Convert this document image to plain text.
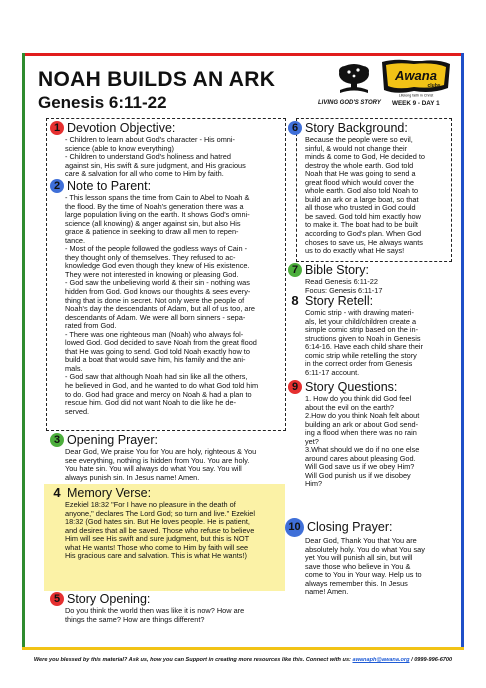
NOAH BUILDS AN ARK
Genesis 6:11-22	LIVING GOD'S STORY
Awana
clubs
Lifelong faith in Christ
WEEK 9 - DAY 1
1 Devotion Objective:

- Children to learn about God's character - His omni-

science (able to know everything)

- Children to understand God's holiness and hatred

against sin, His swift & sure judgment, and His gracious

care & salvation for all who come to Him by faith.

2 Note to Parent:

- This lesson spans the time from Cain to Abel to Noah &

the flood. By the time of Noah's generation there was a

large population living on the earth. It shows God's omni-

science (all knowing) & anger against sin, but also His

grace & patience in seeking to draw all men to repen-

tance.

- Most of the people followed the godless ways of Cain -

they thought only of themselves. They refused to ac-

knowledge God even though they knew of His existence.

They were not interested in knowing or pleasing God.

- God saw the unbelieving world & their sin - nothing was

hidden from God. God knows our thoughts & sees every-

thing that is done in secret. Not only were the people of

Noah's day the descendants of Adam, but all of us too, are

descendants of Adam. We were all born sinners - sepa-

rated from God.

- There was one righteous man (Noah) who always fol-

lowed God. God decided to save Noah from the great flood

that He was going to send. God told Noah exactly how to

build a boat that would save him, his family and the ani-

mals.

- God saw that although Noah had sin like all the others,

he believed in God, and he wanted to do what God told him

to do. God had grace and mercy on Noah & had a plan to

rescue him. God did not want Noah to die like he de-

served.

3 Opening Prayer:

Dear God, We praise You for You are holy, righteous & You

see everything, nothing is hidden from You. You are holy.

You hate sin. You will always do what You say. You will

always punish sin. In Jesus name! Amen.

4 Memory Verse:

Ezekiel 18:32 "For I have no pleasure in the death of

anyone," declares The Lord God; so turn and live." Ezekiel

18:32 (God hates sin. But He loves people. He is patient,

and desires that all be saved. Those who refuse to believe

Him will see His swift and sure judgment, but this is NOT

what He wants! Those who come to Him by faith will see

His gracious care and salvation. This is what He wants!)

5 Story Opening:

Do you think the world then was like it is now? How are

things the same? How are things different?

6 Story Background:

Because the people were so evil,

sinful, & would not change their

minds & come to God, He decided to

destroy the whole earth. God told

Noah that He was going to send a

great flood which would cover the

whole earth. God also told Noah to

build an ark or a large boat, so that

all those who trusted in God could

be saved. God told him exactly how

to make it. The boat had to be built

according to God's plan. When God

choses to save us, He always wants

us to do exactly what He says!

7 Bible Story:

Read Genesis 6:11-22

Focus: Genesis 6:11-17

8 Story Retell:

Comic strip - with drawing materi-

als, let your child/children create a

simple comic strip based on the in-

structions given to Noah in Genesis

6:14-16. Have each child share their

comic strip while retelling the story

in the correct order from Genesis

6:11-17 account.

9 Story Questions:

1. How do you think did God feel

about the evil on the earth?

2.How do you think Noah felt about

building an ark or about God send-

ing a flood when there was no rain

yet?

3.What should we do if no one else

around cares about pleasing God.

Will God save us if we obey Him?

Will God punish us if we disobey

Him?

10 Closing Prayer:

Dear God, Thank You that You are

absolutely holy. You do what You say

yet You will punish all sin, but will

save those who believe in You &

come to You in Your way. Help us to

always remember this. In Jesus

name! Amen.

Were you blessed by this material? Ask us, how you can Support in creating more resources like this. Connect with us: awanaph@awana.org / 0999-996-6700
